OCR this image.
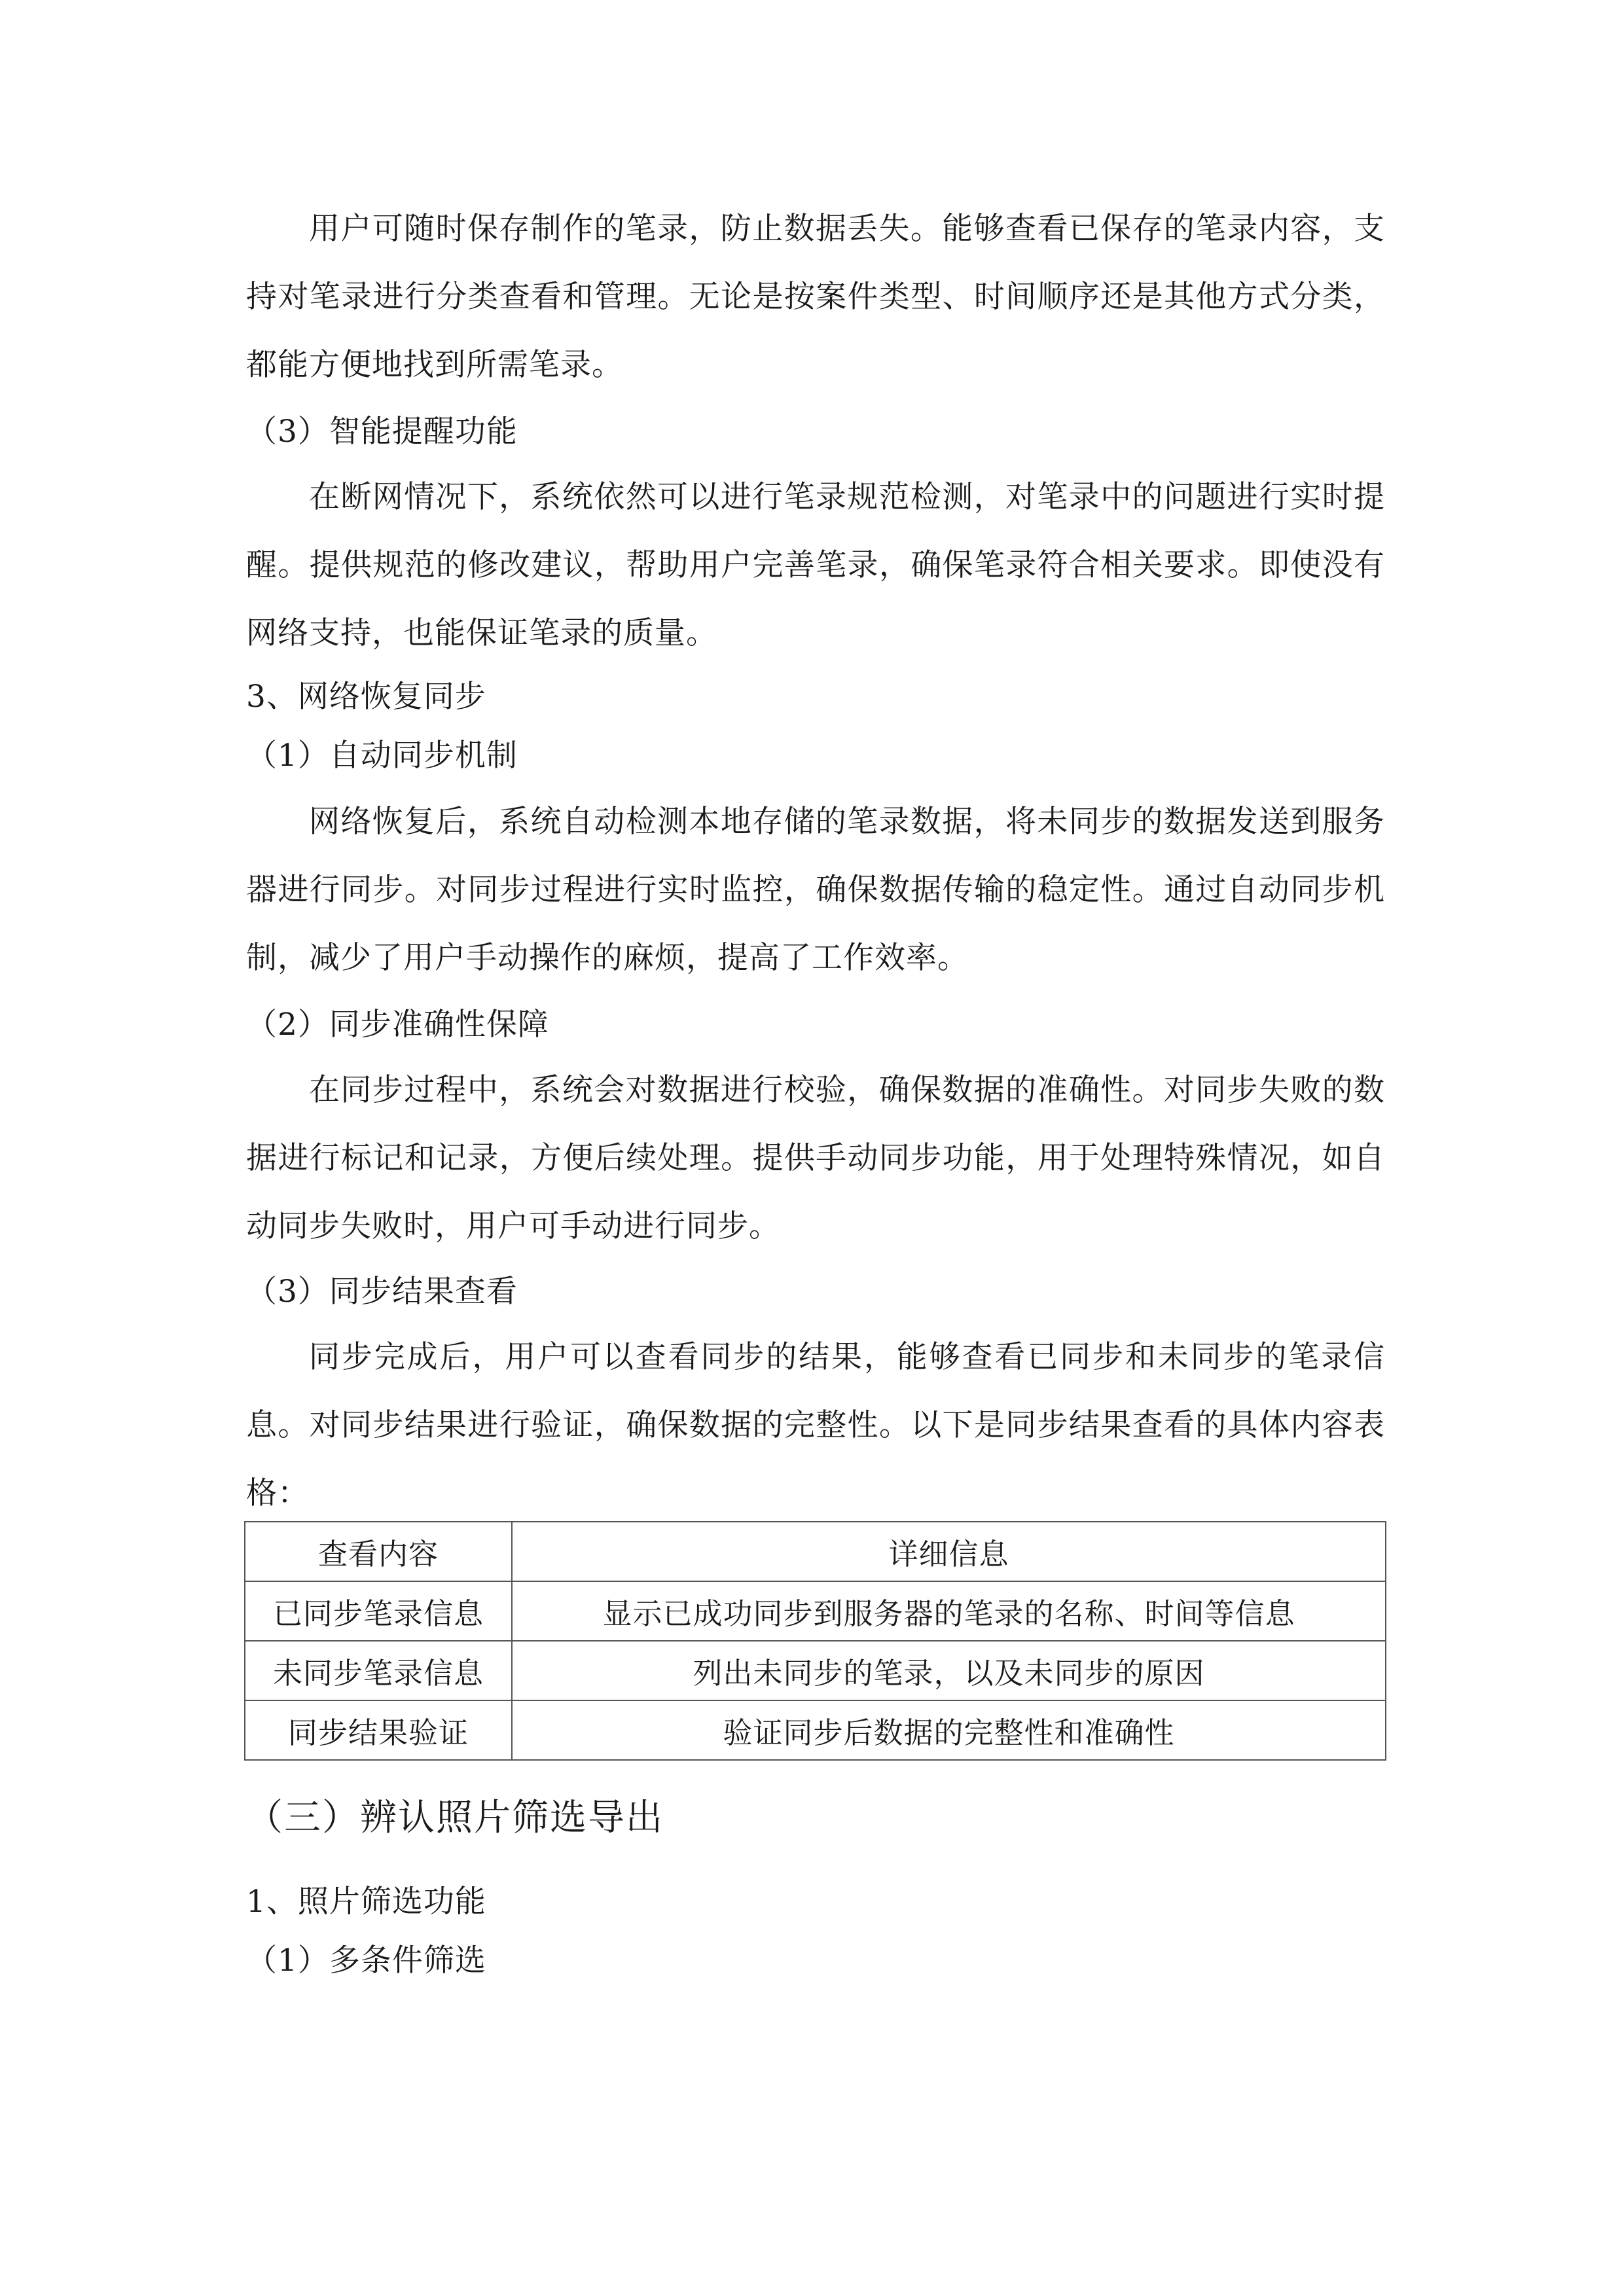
用户可随时保存制作的笔录，防止数据丢失。能够查看已保存的笔录内容，支持对笔录进行分类查看和管理。无论是按案件类型、时间顺序还是其他方式分类，都能方便地找到所需笔录。

（3）智能提醒功能

在断网情况下，系统依然可以进行笔录规范检测，对笔录中的问题进行实时提醒。提供规范的修改建议，帮助用户完善笔录，确保笔录符合相关要求。即使没有网络支持，也能保证笔录的质量。

3、网络恢复同步

（1）自动同步机制

网络恢复后，系统自动检测本地存储的笔录数据，将未同步的数据发送到服务器进行同步。对同步过程进行实时监控，确保数据传输的稳定性。通过自动同步机制，减少了用户手动操作的麻烦，提高了工作效率。

（2）同步准确性保障

在同步过程中，系统会对数据进行校验，确保数据的准确性。对同步失败的数据进行标记和记录，方便后续处理。提供手动同步功能，用于处理特殊情况，如自动同步失败时，用户可手动进行同步。

（3）同步结果查看

同步完成后，用户可以查看同步的结果，能够查看已同步和未同步的笔录信息。对同步结果进行验证，确保数据的完整性。以下是同步结果查看的具体内容表格：

查看内容	详细信息
已同步笔录信息	显示已成功同步到服务器的笔录的名称、时间等信息
未同步笔录信息	列出未同步的笔录，以及未同步的原因
同步结果验证	验证同步后数据的完整性和准确性

（三）辨认照片筛选导出

1、照片筛选功能

（1）多条件筛选
